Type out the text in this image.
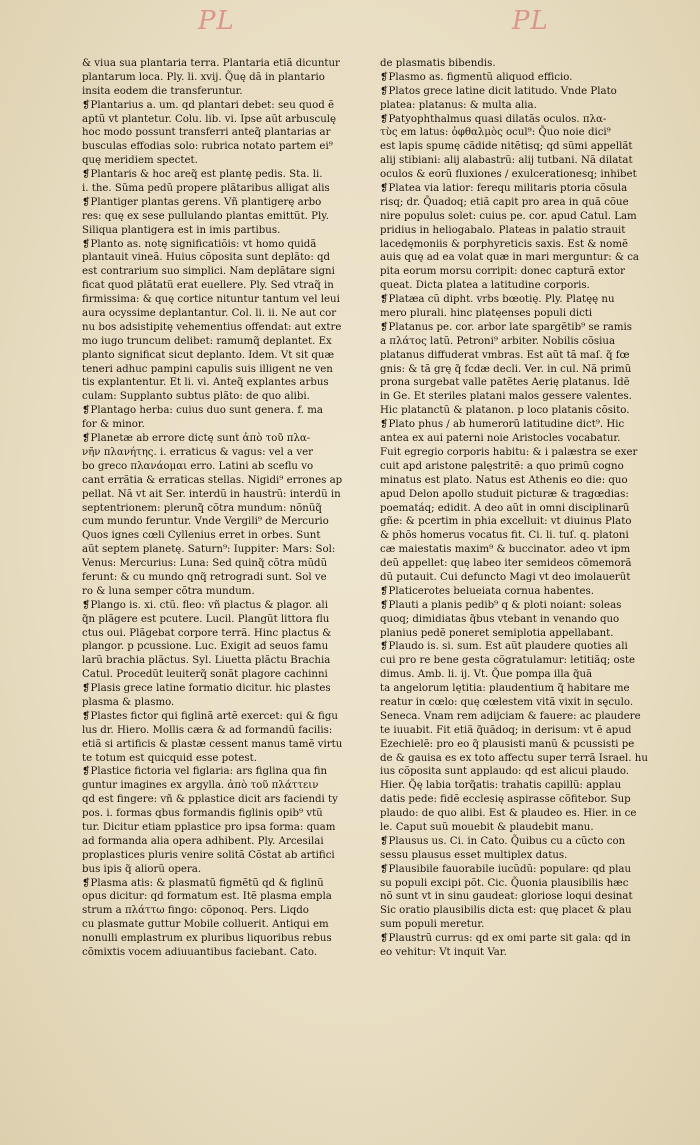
PL	PL
& viua sua plantaria terra. Plantaria etiã dicuntur
plantarum loca. Ply. li. xvij. Q̃uę dã in plantario
insita eodem die transferuntur.
❡Plantarius a. um. qd plantari debet: seu quod ẽ
aptũ vt plantetur. Colu. lib. vi. Ipse aũt arbusculę
hoc modo possunt transferri anteq̃ plantarias ar
busculas effodias solo: rubrica notato partem ei⁹
quę meridiem spectet.
❡Plantaris & hoc areq̃ est plantę pedis. Sta. li.
i. the. Sũma pedũ propere plãtaribus alligat alis
❡Plantiger plantas gerens. Vñ plantigerę arbo
res: quę ex sese pullulando plantas emittũt. Ply.
Siliqua plantigera est in imis partibus.
❡Planto as. notę significatiõis: vt homo quidã
plantauit vineã. Huius cõposita sunt deplãto: qd
est contrarium suo simplici. Nam deplãtare signi
ficat quod plãtatũ erat euellere. Ply. Sed vtraq̃ in
firmissima: & quę cortice nituntur tantum vel leui
aura ocyssime deplantantur. Col. li. ii. Ne aut cor
nu bos adsistipitę vehementius offendat: aut extre
mo iugo truncum delibet: ramumq̃ deplantet. Ex
planto significat sicut deplanto. Idem. Vt sit quæ
teneri adhuc pampini capulis suis illigent ne ven
tis explantentur. Et li. vi. Anteq̃ explantes arbus
culam: Supplanto subtus plãto: de quo alibi.
❡Plantago herba: cuius duo sunt genera. f. ma
for & minor.
❡Planetæ ab errore dictę sunt ἀπὸ τοῦ πλα-
νῆν πλανήτης. i. erraticus & vagus: vel a ver
bo greco πλανάομαι erro. Latini ab sceflu vo
cant errãtia & erraticas stellas. Nigidi⁹ errones ap
pellat. Nã vt ait Ser. interdũ in haustrũ: interdũ in
septentrionem: plerunq̃ cõtra mundum: nõnũq̃
cum mundo feruntur. Vnde Vergili⁹ de Mercurio
Quos ignes cœli Cyllenius erret in orbes. Sunt
aũt septem planetę. Saturn⁹: Iuppiter: Mars: Sol:
Venus: Mercurius: Luna: Sed quinq̃ cõtra mũdũ
ferunt: & cu mundo qnq̃ retrogradi sunt. Sol ve
ro & luna semper cõtra mundum.
❡Plango is. xi. ctũ. fleo: vñ plactus & plagor. ali
q̃n plãgere est pcutere. Lucil. Plangũt littora flu
ctus oui. Plãgebat corpore terrã. Hinc plactus &
plangor. p pcussione. Luc. Exigit ad seuos famu
larũ brachia plãctus. Syl. Liuetta plãctu Brachia
Catul. Procedũt leuiterq̃ sonãt plagore cachinni
❡Plasis grece latine formatio dicitur. hic plastes
plasma & plasmo.
❡Plastes fictor qui figlinã artẽ exercet: qui & figu
lus dr. Hiero. Mollis cæra & ad formandũ facilis:
etiã si artificis & plastæ cessent manus tamẽ virtu
te totum est quicquid esse potest.
❡Plastice fictoria vel figlaria: ars figlina qua fin
guntur imagines ex argylla. ἀπὸ τοῦ πλάττειν
qd est fingere: vñ & pplastice dicit ars faciendi ty
pos. i. formas qbus formandis figlinis opib⁹ vtũ
tur. Dicitur etiam pplastice pro ipsa forma: quam
ad formanda alia opera adhibent. Ply. Arcesilai
proplastices pluris venire solitã Cõstat ab artifici
bus ipis q̃ aliorũ opera.
❡Plasma atis: & plasmatũ figmẽtũ qd & figlinũ
opus dicitur: qd formatum est. Itẽ plasma empla
strum a πλάττω fingo: cõponoq. Pers. Liqdo
cu plasmate guttur Mobile colluerit. Antiqui em
nonulli emplastrum ex pluribus liquoribus rebus
cõmixtis vocem adiuuantibus faciebant. Cato.
de plasmatis bibendis.
❡Plasmo as. figmentũ aliquod efficio.
❡Platos grece latine dicit latitudo. Vnde Plato
platea: platanus: & multa alia.
❡Patyophthalmus quasi dilatãs oculos. πλα-
τὺς em latus: ὀφθαλμὸς ocul⁹: Q̃uo noie dici⁹
est lapis spumę cãdide nitẽtisq; qd sũmi appellãt
alij stibiani: alij alabastrũ: alij tutbani. Nã dilatat
oculos & eorũ fluxiones / exulcerationesq; inhibet
❡Platea via latior: ferequ militaris ptoria cõsula
risq; dr. Q̃uadoq; etiã capit pro area in quã cõue
nire populus solet: cuius pe. cor. apud Catul. Lam
pridius in heliogabalo. Plateas in palatio strauit
lacedęmoniis & porphyreticis saxis. Est & nomẽ
auis quę ad ea volat quæ in mari merguntur: & ca
pita eorum morsu corripit: donec capturã extor
queat. Dicta platea a latitudine corporis.
❡Platæa cũ dipht. vrbs bœotię. Ply. Platęę nu
mero plurali. hinc platęenses populi dicti
❡Platanus pe. cor. arbor late spargẽtib⁹ se ramis
a πλάτος latũ. Petroni⁹ arbiter. Nobilis cõsiua
platanus diffuderat vmbras. Est aũt tã maſ. q̃ fœ
gnis: & tã grę q̃ fcdæ decli. Ver. in cul. Nã primũ
prona surgebat valle patẽtes Aerię platanus. Idẽ
in Ge. Et steriles platani malos gessere valentes.
Hic platanctũ & platanon. p loco platanis cõsito.
❡Plato phus / ab humerorũ latitudine dict⁹. Hic
antea ex aui paterni noie Aristocles vocabatur.
Fuit egregio corporis habitu: & i palæstra se exer
cuit apd aristone palęstritẽ: a quo primũ cogno
minatus est plato. Natus est Athenis eo die: quo
apud Delon apollo studuit picturæ & tragœdias:
poematáq; edidit. A deo aũt in omni disciplinarũ
gñe: & pcertim in phia excelluit: vt diuinus Plato
& phõs homerus vocatus fit. Ci. li. tuſ. q. platoni
cæ maiestatis maxim⁹ & buccinator. adeo vt ipm
deũ appellet: quę labeo iter semideos cõmemorã
dũ putauit. Cui defuncto Magi vt deo imolauerũt
❡Platicerotes belueiata cornua habentes.
❡Plauti a planis pedib⁹ q & ploti noiant: soleas
quoq; dimidiatas q̃bus vtebant in venando quo
planius pedẽ poneret semiplotia appellabant.
❡Plaudo is. si. sum. Est aũt plaudere quoties ali
cui pro re bene gesta cõgratulamur: letitiãq; oste
dimus. Amb. li. ij. Vt. Q̃ue pompa illa q̃uã
ta angelorum lętitia: plaudentium q̃ habitare me
reatur in cœlo: quę cœlestem vitã vixit in sęculo.
Seneca. Vnam rem adijciam & fauere: ac plaudere
te iuuabit. Fit etiã q̃uãdoq; in derisum: vt ẽ apud
Ezechielẽ: pro eo q̃ plausisti manũ & pcussisti pe
de & gauisa es ex toto affectu super terrã Israel. hu
ius cõposita sunt applaudo: qd est alicui plaudo.
Hier. Q̃ę labia torq̃atis: trahatis capillũ: applau
datis pede: fidẽ ecclesię aspirasse cõfitebor. Sup
plaudo: de quo alibi. Est & plaudeo es. Hier. in ce
le. Caput suũ mouebit & plaudebit manu.
❡Plausus us. Ci. in Cato. Q̃uibus cu a cũcto con
sessu plausus esset multiplex datus.
❡Plausibile fauorabile iucũdũ: populare: qd plau
su populi excipi põt. Cic. Q̃uonia plausibilis hæc
nõ sunt vt in sinu gaudeat: gloriose loqui desinat
Sic oratio plausibilis dicta est: quę placet & plau
sum populi meretur.
❡Plaustrũ currus: qd ex omi parte sit gala: qd in
eo vehitur: Vt inquit Var.
